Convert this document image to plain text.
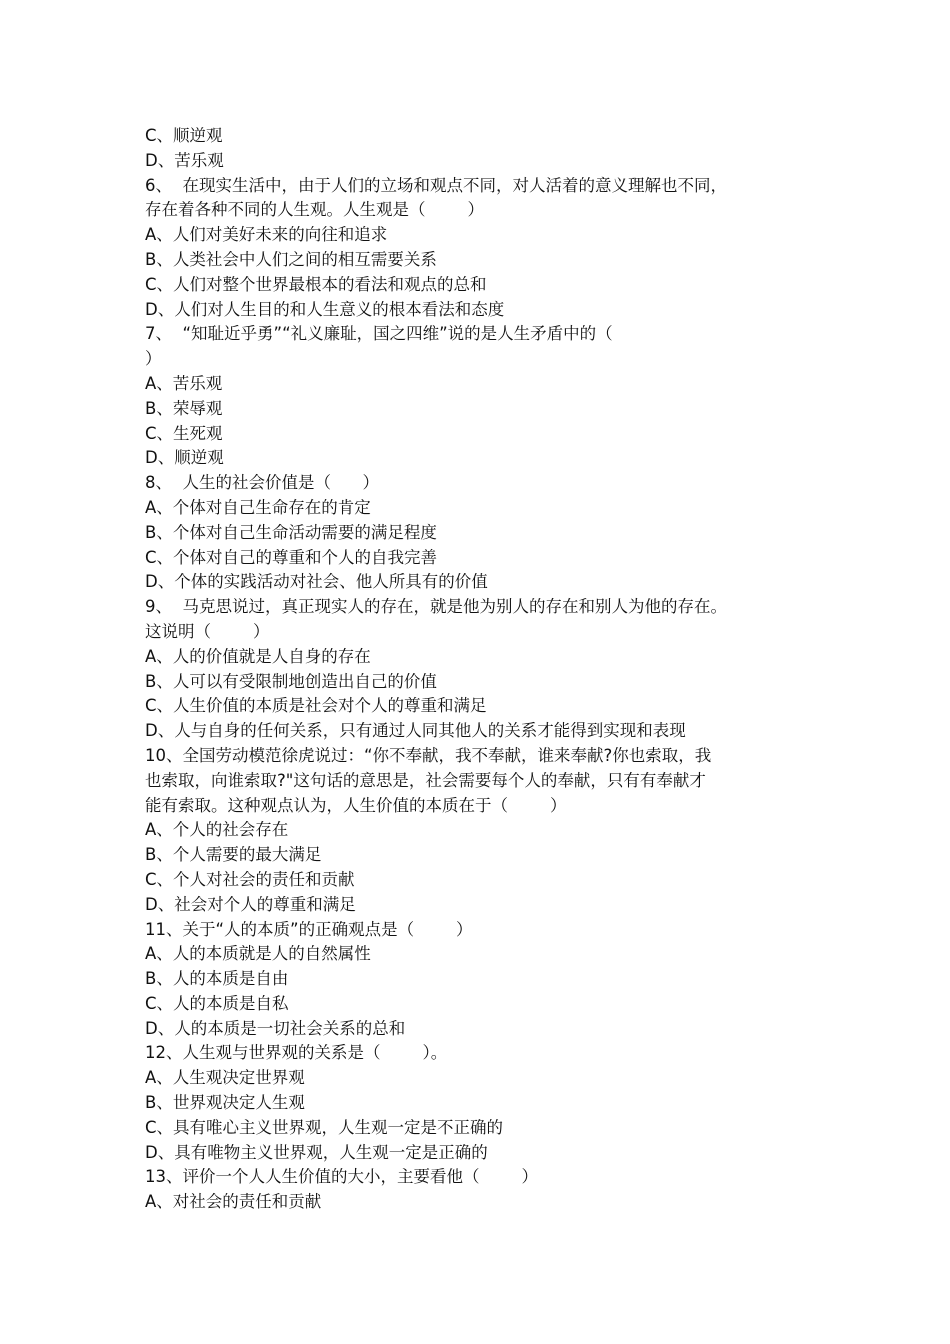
C、顺逆观
D、苦乐观
6、  在现实生活中，由于人们的立场和观点不同，对人活着的意义理解也不同，
存在着各种不同的人生观。人生观是（        ）
A、人们对美好未来的向往和追求
B、人类社会中人们之间的相互需要关系
C、人们对整个世界最根本的看法和观点的总和
D、人们对人生目的和人生意义的根本看法和态度
7、  “知耻近乎勇”“礼义廉耻，国之四维”说的是人生矛盾中的（
）
A、苦乐观
B、荣辱观
C、生死观
D、顺逆观
8、  人生的社会价值是（      ）
A、个体对自己生命存在的肯定
B、个体对自己生命活动需要的满足程度
C、个体对自己的尊重和个人的自我完善
D、个体的实践活动对社会、他人所具有的价值
9、  马克思说过，真正现实人的存在，就是他为别人的存在和别人为他的存在。
这说明（        ）
A、人的价值就是人自身的存在
B、人可以有受限制地创造出自己的价值
C、人生价值的本质是社会对个人的尊重和满足
D、人与自身的任何关系，只有通过人同其他人的关系才能得到实现和表现
10、全国劳动模范徐虎说过：“你不奉献，我不奉献，谁来奉献?你也索取，我
也索取，向谁索取?"这句话的意思是，社会需要每个人的奉献，只有有奉献才
能有索取。这种观点认为，人生价值的本质在于（        ）
A、个人的社会存在
B、个人需要的最大满足
C、个人对社会的责任和贡献
D、社会对个人的尊重和满足
11、关于“人的本质”的正确观点是（        ）
A、人的本质就是人的自然属性
B、人的本质是自由
C、人的本质是自私
D、人的本质是一切社会关系的总和
12、人生观与世界观的关系是（        ）。
A、人生观决定世界观
B、世界观决定人生观
C、具有唯心主义世界观，人生观一定是不正确的
D、具有唯物主义世界观，人生观一定是正确的
13、评价一个人人生价值的大小，主要看他（        ）
A、对社会的责任和贡献
